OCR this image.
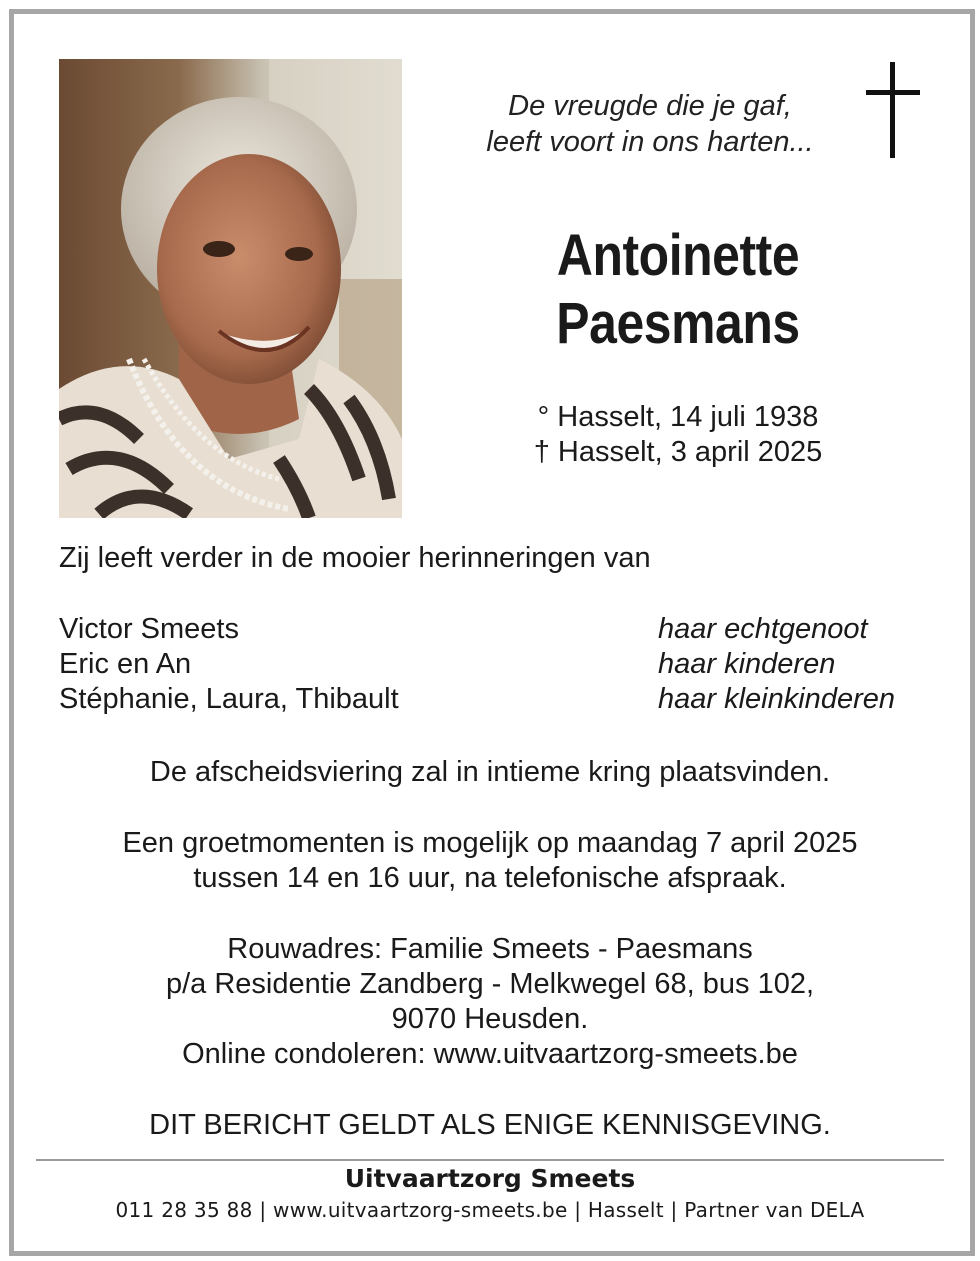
De vreugde die je gaf,
leeft voort in ons harten...
Antoinette
Paesmans
° Hasselt, 14 juli 1938
† Hasselt, 3 april 2025
Zij leeft verder in de mooier herinneringen van
Victor Smeets	haar echtgenoot
Eric en An	haar kinderen
Stéphanie, Laura, Thibault	haar kleinkinderen
De afscheidsviering zal in intieme kring plaatsvinden.
Een groetmomenten is mogelijk op maandag 7 april 2025
tussen 14 en 16 uur, na telefonische afspraak.
Rouwadres: Familie Smeets - Paesmans
p/a Residentie Zandberg - Melkwegel 68, bus 102,
9070 Heusden.
Online condoleren: www.uitvaartzorg-smeets.be
DIT BERICHT GELDT ALS ENIGE KENNISGEVING.
Uitvaartzorg Smeets
011 28 35 88 | www.uitvaartzorg-smeets.be | Hasselt | Partner van DELA
